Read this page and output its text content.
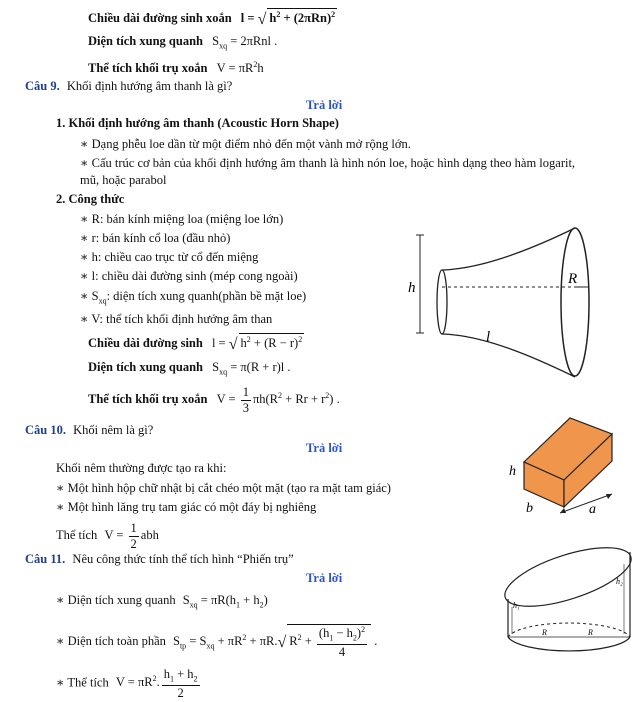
Chiều dài đường sinh xoắn l = √ $h^2 + (2\pi Rn)^2$
Diện tích xung quanh $S_{xq} = 2\pi Rnl$ .
Thể tích khối trụ xoắn $V = \pi R^2h$
Câu 9. Khối định hướng âm thanh là gì?
Trả lời
1. Khối định hướng âm thanh (Acoustic Horn Shape)
∗ Dạng phễu loe dần từ một điểm nhỏ đến một vành mở rộng lớn.
∗ Cấu trúc cơ bản của khối định hướng âm thanh là hình nón loe, hoặc hình dạng theo hàm logarit,
mũ, hoặc parabol
2. Công thức
∗ R: bán kính miệng loa (miệng loe lớn)
∗ r: bán kính cổ loa (đầu nhỏ)
∗ h: chiều cao trục từ cổ đến miệng
∗ l: chiều dài đường sinh (mép cong ngoài)
∗ $S_{xq}$: diện tích xung quanh(phần bề mặt loe)
∗ V: thể tích khối định hướng âm than
Chiều dài đường sinh l = √ $h^2 + (R - r)^2$
Diện tích xung quanh $S_{xq} = \pi(R + r)l$ .
Thể tích khối trụ xoắn $V = \frac{1}{3} \pi h(R^2 + Rr + r^2)$ .
h
R
l
Câu 10. Khối nêm là gì?
Trả lời
Khối nêm thường được tạo ra khi:
∗ Một hình hộp chữ nhật bị cắt chéo một mặt (tạo ra mặt tam giác)
∗ Một hình lăng trụ tam giác có một đáy bị nghiêng
Thể tích $V = \frac{1}{2}$ abh
h
b	a
Câu 11. Nêu công thức tính thể tích hình “Phiến trụ”
Trả lời
∗ Diện tích xung quanh $S_{xq} = \pi R(h_1 + h_2)$
∗ Diện tích toàn phần $S_{tp} = S_{xq} + \pi R^2 + \pi R.√$ $R^2 + \frac{(h_1 - h_2)^2}{4}$ .
∗ Thể tích $V = \pi R^2$. $\frac{h_1 + h_2}{2}$
h₁
h₂
R	R
